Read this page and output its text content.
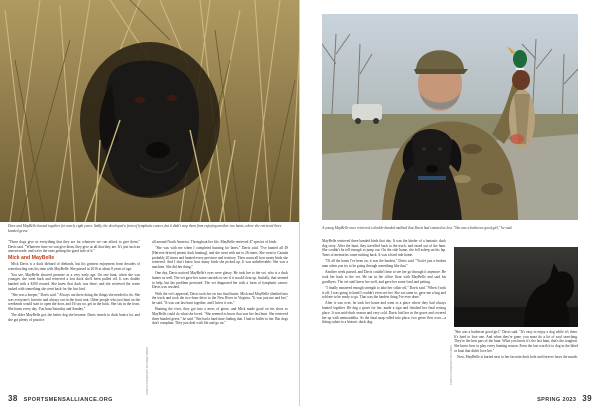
Dave and MayBelle hunted together for nearly eight years. Sadly, the developed a form of lymphatic cancer, but it didn't stop them from enjoying another two hunts, where she retrieved three banded geese.

"These dogs give us everything that they are for whatever we can afford to give them," Davis said. "Whatever time we can give them, they give us all that they are. It's just such an uneven trade, and we're the ones getting the good side of it."

Mick and MayBelle

Mick Davis is a duck diehard of diehards, but his greatest enjoyment from decades of waterfowling was his time with MayBelle. She passed in 2016 at about 8 years of age.

You see, MayBelle showed promise as a very early age. On one hunt, when she was younger, she went back and retrieved a lost duck she'd been pulled off. It was double banded with a $100 reward. She knew that duck was there, and she retrieved the waste tasked with something she went back for the lost bird.

"She was a keeper," Davis said. "Always out there doing the things she needed to do. She was everyone's favorite and always out in the front seat. Other people who just hunt on the weekends would start to open the door, and I'd say no, get in the back. She sits in the front. She hunts every day. You hunt Saturday and Sunday."

The older MayBelle got, the better dog she became. Davis travels to duck hunt a lot, and she got plenty of practice

all around North America. Throughout her life, MayBelle retrieved 47 species of birds.

"She was with me when I completed hunting for lanes," Davis said. "I've hunted all 49 [Harvest-driven] permit duck hunting], and she went with me to 26 states. She went to Canada probably 20 times and hunted every province and territory. Then count all how many birds she retrieved. And I don't know how many birds she picked up. It was unbelievable. She was a machine. She did her thing."

One day, Davis noticed MayBelle's eyes were glassy. He took her to the vet, who is a duck hunter as well. The vet gave her some steroids to see if it would clear up. Initially, that seemed to help, but the problem persisted. The vet diagnosed her with a form of lymphatic cancer. Davis was crushed.

With the vet's approval, Davis took her on two final hunts. Mick and MayBelle climbed into the truck and took the two-hour drive to the New River in Virginia. "It was just me and her," he said. "It was our last hunt together, and I knew it was."

Hunting the river, they got into a mess of geese, and Mick made good on his shots so MayBelle could do what she loved. "She seemed to know that was her last hunt. She retrieved three banded geese," he said. "She had a hard time finding that. I had to holler to her. But dogs don't complain. They just deal with life and go on."

PHOTO COURTESY OF DAVE DAVIS
38 SPORTSMENSALLIANCE.ORG
A young MayBelle once retrieved a double-banded mallard that Davis had counted as lost. "She was a barbecue good girl," he said.

MayBelle retrieved three banded birds that day. It was the kinder of a fantastic duck dog story. After the hunt, they travelled back to the truck, and eased out of the hunt. She couldn't be tell enough to jump out. On the ride home, she fell asleep on his lap. Tears of memories came rushing back. It was a hard ride home.

"Of all the hunts I've been on, it was the hardest," Davis said. "You're just a broken man when you try to be going through something like that."

Another week passed, and Davis couldn't bear to see her go through it anymore. He took her back to the vet. He sat in the office floor with MayBelle and said his goodbyes. The vet staff knew her well, and gave her some food and petting.

"I finally mustered enough strength to take her collar off," Davis said. "When I took it off, I was going to hand I couldn't even see her. She sat came to, gave me a hug and told me to be ready to go. That was the hardest thing I've ever done."

After it was over, he took her home and went to a place where they had always hunted together. He dug a grave for her, made a sign and finished her final resting place. It was mid-duck season and very cold. Davis laid her in the grave and covered her up with memorabilia. As the final snap rolled into place, two geese flew over—a fitting salute to a historic duck dog.

"She was a barbecue good girl," Davis said. "It's easy to enjoy a dog while it's there. It's hard to lose one. And when they're gone, you must do a lot of soul searching. They're the best part of the hunt. What you know it's the last hunt, that's the toughest. She knew how to play every hunting season. Even the last worth it to dog in the blind or boat that didn't love her."

Now, MayBelle is buried next to her favorite duck hole and forever faces the marsh.

PHOTO COURTESY OF DAVIS
SPRING 2023 39
